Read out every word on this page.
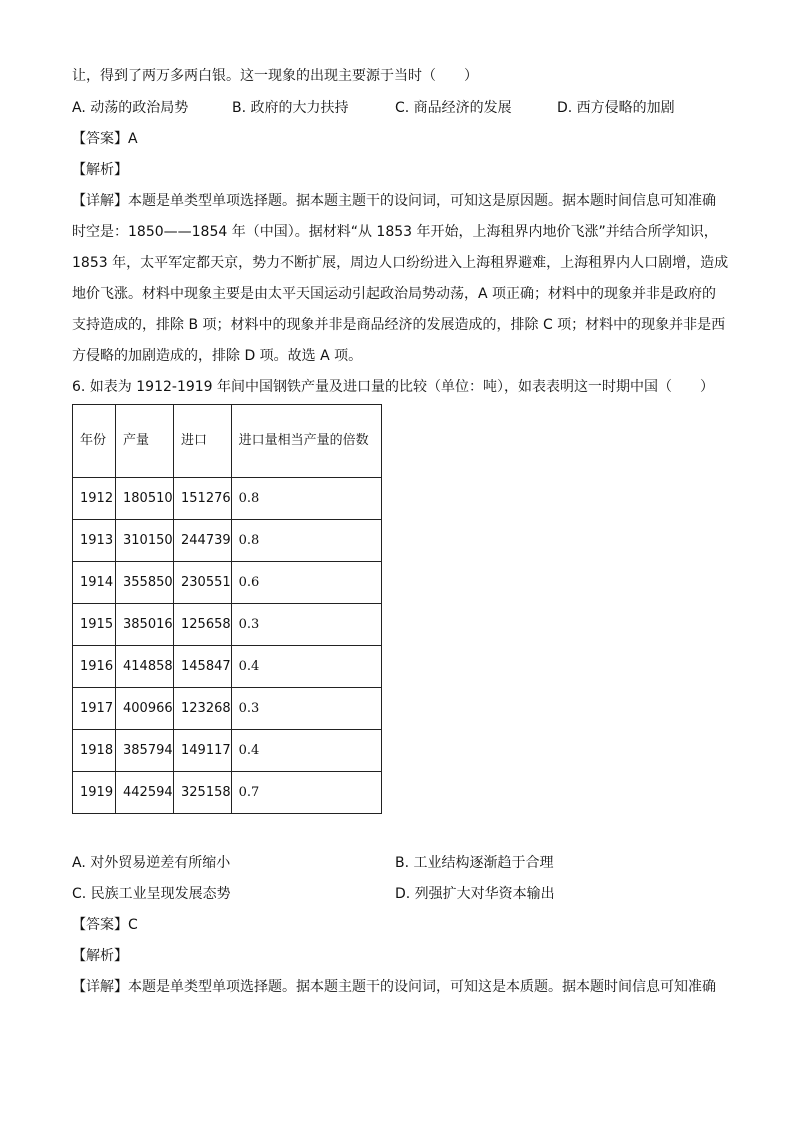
让，得到了两万多两白银。这一现象的出现主要源于当时（　　）
A. 动荡的政治局势	B. 政府的大力扶持	C. 商品经济的发展	D. 西方侵略的加剧
【答案】A
【解析】
【详解】本题是单类型单项选择题。据本题主题干的设问词，可知这是原因题。据本题时间信息可知准确
时空是：1850——1854 年（中国）。据材料“从 1853 年开始，上海租界内地价飞涨”并结合所学知识，
1853 年，太平军定都天京，势力不断扩展，周边人口纷纷进入上海租界避难，上海租界内人口剧增，造成
地价飞涨。材料中现象主要是由太平天国运动引起政治局势动荡，A 项正确；材料中的现象并非是政府的
支持造成的，排除 B 项；材料中的现象并非是商品经济的发展造成的，排除 C 项；材料中的现象并非是西
方侵略的加剧造成的，排除 D 项。故选 A 项。
6. 如表为 1912-1919 年间中国钢铁产量及进口量的比较（单位：吨），如表表明这一时期中国（　　）
年份	产量	进口	进口量相当产量的倍数
1912	180510	151276	0.8
1913	310150	244739	0.8
1914	355850	230551	0.6
1915	385016	125658	0.3
1916	414858	145847	0.4
1917	400966	123268	0.3
1918	385794	149117	0.4
1919	442594	325158	0.7
A. 对外贸易逆差有所缩小	B. 工业结构逐渐趋于合理
C. 民族工业呈现发展态势	D. 列强扩大对华资本输出
【答案】C
【解析】
【详解】本题是单类型单项选择题。据本题主题干的设问词，可知这是本质题。据本题时间信息可知准确
